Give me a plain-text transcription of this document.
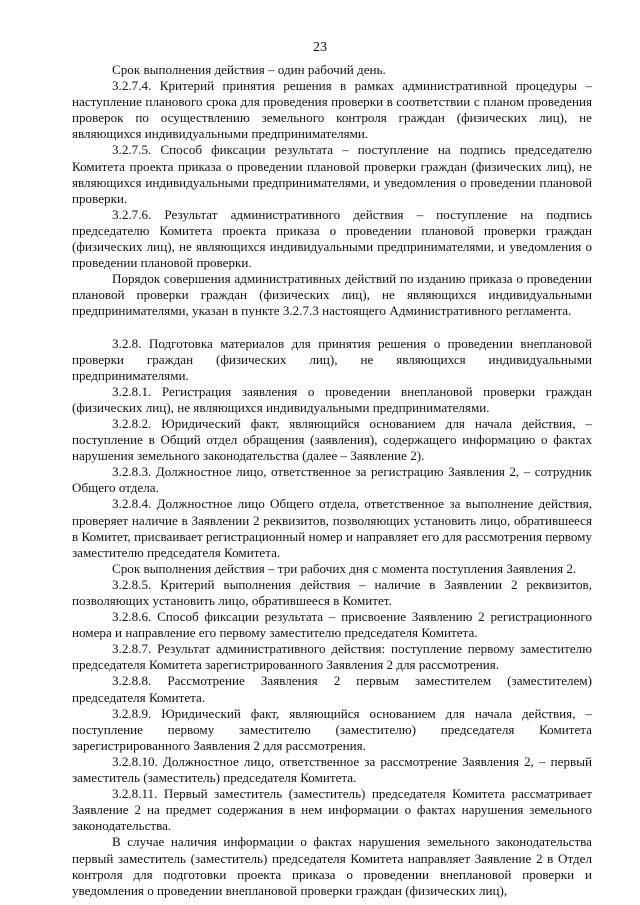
23

Срок выполнения действия – один рабочий день.

3.2.7.4. Критерий принятия решения в рамках административной процедуры – наступление планового срока для проведения проверки в соответствии с планом проведения проверок по осуществлению земельного контроля граждан (физических лиц), не являющихся индивидуальными предпринимателями.

3.2.7.5. Способ фиксации результата – поступление на подпись председателю Комитета проекта приказа о проведении плановой проверки граждан (физических лиц), не являющихся индивидуальными предпринимателями, и уведомления о проведении плановой проверки.

3.2.7.6. Результат административного действия – поступление на подпись председателю Комитета проекта приказа о проведении плановой проверки граждан (физических лиц), не являющихся индивидуальными предпринимателями, и уведомления о проведении плановой проверки.

Порядок совершения административных действий по изданию приказа о проведении плановой проверки граждан (физических лиц), не являющихся индивидуальными предпринимателями, указан в пункте 3.2.7.3 настоящего Административного регламента.

3.2.8. Подготовка материалов для принятия решения о проведении внеплановой проверки граждан (физических лиц), не являющихся индивидуальными предпринимателями.

3.2.8.1. Регистрация заявления о проведении внеплановой проверки граждан (физических лиц), не являющихся индивидуальными предпринимателями.

3.2.8.2. Юридический факт, являющийся основанием для начала действия, – поступление в Общий отдел обращения (заявления), содержащего информацию о фактах нарушения земельного законодательства (далее – Заявление 2).

3.2.8.3. Должностное лицо, ответственное за регистрацию Заявления 2, – сотрудник Общего отдела.

3.2.8.4. Должностное лицо Общего отдела, ответственное за выполнение действия, проверяет наличие в Заявлении 2 реквизитов, позволяющих установить лицо, обратившееся в Комитет, присваивает регистрационный номер и направляет его для рассмотрения первому заместителю председателя Комитета.

Срок выполнения действия – три рабочих дня с момента поступления Заявления 2.

3.2.8.5. Критерий выполнения действия – наличие в Заявлении 2 реквизитов, позволяющих установить лицо, обратившееся в Комитет.

3.2.8.6. Способ фиксации результата – присвоение Заявлению 2 регистрационного номера и направление его первому заместителю председателя Комитета.

3.2.8.7. Результат административного действия: поступление первому заместителю председателя Комитета зарегистрированного Заявления 2 для рассмотрения.

3.2.8.8. Рассмотрение Заявления 2 первым заместителем (заместителем) председателя Комитета.

3.2.8.9. Юридический факт, являющийся основанием для начала действия, – поступление первому заместителю (заместителю) председателя Комитета зарегистрированного Заявления 2 для рассмотрения.

3.2.8.10. Должностное лицо, ответственное за рассмотрение Заявления 2, – первый заместитель (заместитель) председателя Комитета.

3.2.8.11. Первый заместитель (заместитель) председателя Комитета рассматривает Заявление 2 на предмет содержания в нем информации о фактах нарушения земельного законодательства.

В случае наличия информации о фактах нарушения земельного законодательства первый заместитель (заместитель) председателя Комитета направляет Заявление 2 в Отдел контроля для подготовки проекта приказа о проведении внеплановой проверки и уведомления о проведении внеплановой проверки граждан (физических лиц),
